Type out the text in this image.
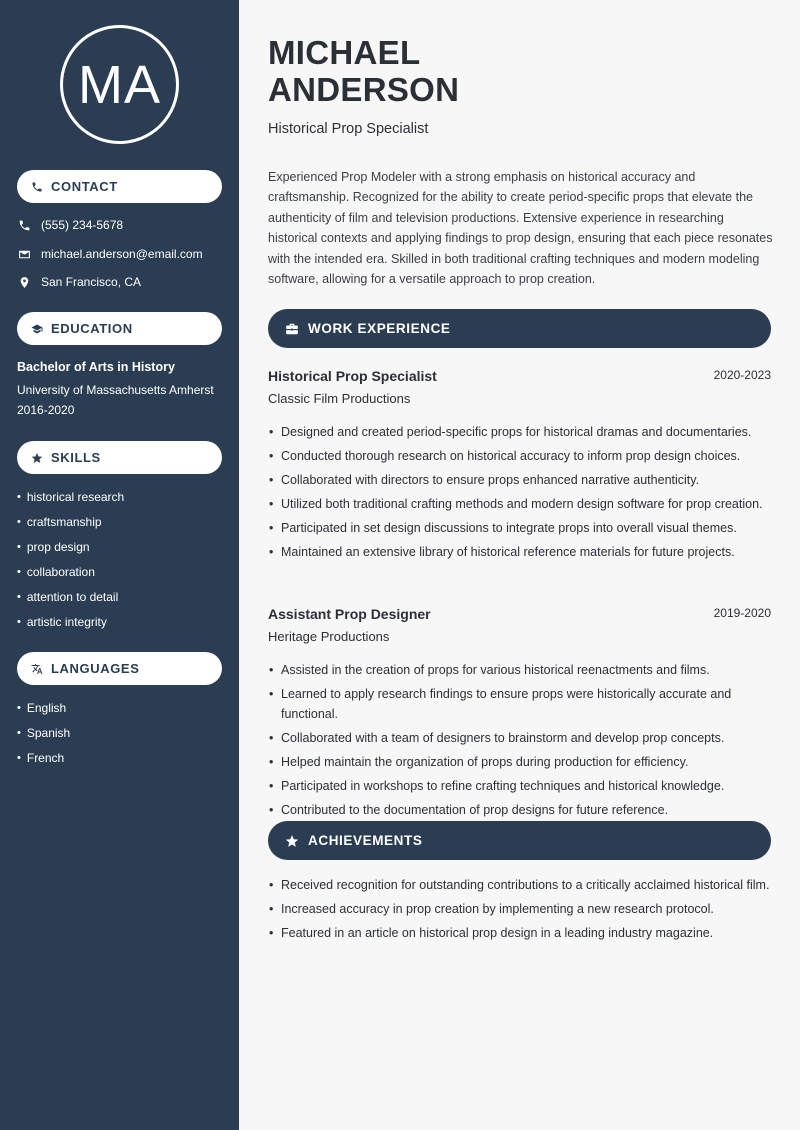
MA
CONTACT
(555) 234-5678
michael.anderson@email.com
San Francisco, CA
EDUCATION
Bachelor of Arts in History
University of Massachusetts Amherst
2016-2020
SKILLS
• historical research
• craftsmanship
• prop design
• collaboration
• attention to detail
• artistic integrity
LANGUAGES
• English
• Spanish
• French
MICHAEL
ANDERSON
Historical Prop Specialist
Experienced Prop Modeler with a strong emphasis on historical accuracy and craftsmanship. Recognized for the ability to create period-specific props that elevate the authenticity of film and television productions. Extensive experience in researching historical contexts and applying findings to prop design, ensuring that each piece resonates with the intended era. Skilled in both traditional crafting techniques and modern modeling software, allowing for a versatile approach to prop creation.
WORK EXPERIENCE
Historical Prop Specialist	2020-2023
Classic Film Productions
• Designed and created period-specific props for historical dramas and documentaries.
• Conducted thorough research on historical accuracy to inform prop design choices.
• Collaborated with directors to ensure props enhanced narrative authenticity.
• Utilized both traditional crafting methods and modern design software for prop creation.
• Participated in set design discussions to integrate props into overall visual themes.
• Maintained an extensive library of historical reference materials for future projects.
Assistant Prop Designer	2019-2020
Heritage Productions
• Assisted in the creation of props for various historical reenactments and films.
• Learned to apply research findings to ensure props were historically accurate and functional.
• Collaborated with a team of designers to brainstorm and develop prop concepts.
• Helped maintain the organization of props during production for efficiency.
• Participated in workshops to refine crafting techniques and historical knowledge.
• Contributed to the documentation of prop designs for future reference.
ACHIEVEMENTS
• Received recognition for outstanding contributions to a critically acclaimed historical film.
• Increased accuracy in prop creation by implementing a new research protocol.
• Featured in an article on historical prop design in a leading industry magazine.
